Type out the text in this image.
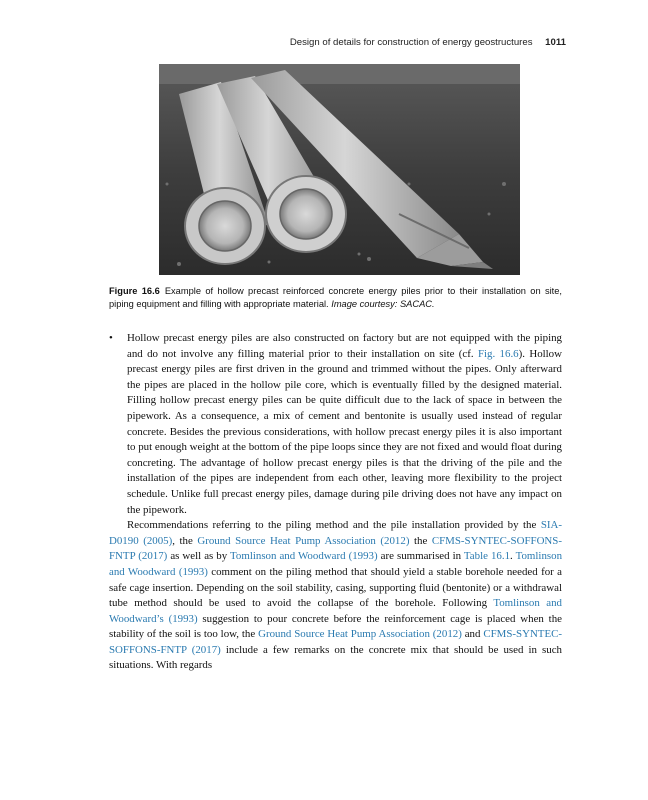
Design of details for construction of energy geostructures 1011
Figure 16.6 Example of hollow precast reinforced concrete energy piles prior to their installation on site, piping equipment and filling with appropriate material. Image courtesy: SACAC.
• Hollow precast energy piles are also constructed on factory but are not equipped with the piping and do not involve any filling material prior to their installation on site (cf. Fig. 16.6). Hollow precast energy piles are first driven in the ground and trimmed without the pipes. Only afterward the pipes are placed in the hollow pile core, which is eventually filled by the designed material. Filling hollow precast energy piles can be quite difficult due to the lack of space in between the pipework. As a consequence, a mix of cement and bentonite is usually used instead of regular concrete. Besides the previous considerations, with hollow precast energy piles it is also important to put enough weight at the bottom of the pipe loops since they are not fixed and would float during concreting. The advantage of hollow precast energy piles is that the driving of the pile and the installation of the pipes are independent from each other, leaving more flexibility to the project schedule. Unlike full precast energy piles, damage during pile driving does not have any impact on the pipework.

Recommendations referring to the piling method and the pile installation provided by the SIA-D0190 (2005), the Ground Source Heat Pump Association (2012) the CFMS-SYNTEC-SOFFONS-FNTP (2017) as well as by Tomlinson and Woodward (1993) are summarised in Table 16.1. Tomlinson and Woodward (1993) comment on the piling method that should yield a stable borehole needed for a safe cage insertion. Depending on the soil stability, casing, supporting fluid (bentonite) or a withdrawal tube method should be used to avoid the collapse of the borehole. Following Tomlinson and Woodward’s (1993) suggestion to pour concrete before the reinforcement cage is placed when the stability of the soil is too low, the Ground Source Heat Pump Association (2012) and CFMS-SYNTEC-SOFFONS-FNTP (2017) include a few remarks on the concrete mix that should be used in such situations. With regards
